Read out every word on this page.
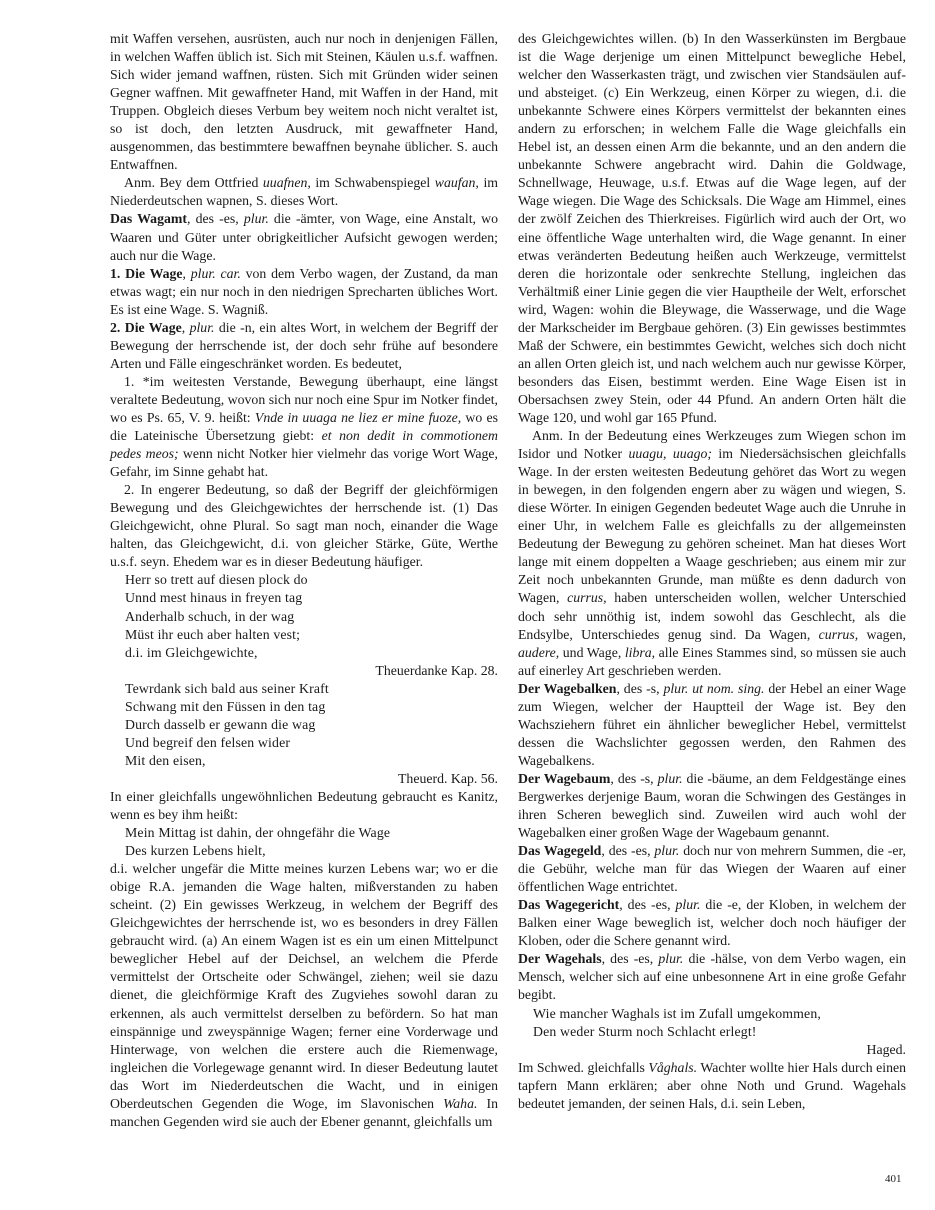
mit Waffen versehen, ausrüsten, auch nur noch in denjenigen Fällen, in welchen Waffen üblich ist. Sich mit Steinen, Käulen u.s.f. waffnen. Sich wider jemand waffnen, rüsten. Sich mit Gründen wider seinen Gegner waffnen. Mit gewaffneter Hand, mit Waffen in der Hand, mit Truppen. Obgleich dieses Verbum bey weitem noch nicht veraltet ist, so ist doch, den letzten Ausdruck, mit gewaffneter Hand, ausgenommen, das bestimmtere bewaffnen beynahe üblicher. S. auch Entwaffnen.

Anm. Bey dem Ottfried uuafnen, im Schwabenspiegel waufan, im Niederdeutschen wapnen, S. dieses Wort.

Das Wagamt, des -es, plur. die -ämter, von Wage, eine Anstalt, wo Waaren und Güter unter obrigkeitlicher Aufsicht gewogen werden; auch nur die Wage.

1. Die Wage, plur. car. von dem Verbo wagen, der Zustand, da man etwas wagt; ein nur noch in den niedrigen Sprecharten übliches Wort. Es ist eine Wage. S. Wagniß.

2. Die Wage, plur. die -n, ein altes Wort, in welchem der Begriff der Bewegung der herrschende ist, der doch sehr frühe auf besondere Arten und Fälle eingeschränket worden. Es bedeutet,

1. *im weitesten Verstande, Bewegung überhaupt, eine längst veraltete Bedeutung, wovon sich nur noch eine Spur im Notker findet, wo es Ps. 65, V. 9. heißt: Vnde in uuaga ne liez er mine fuoze, wo es die Lateinische Übersetzung giebt: et non dedit in commotionem pedes meos; wenn nicht Notker hier vielmehr das vorige Wort Wage, Gefahr, im Sinne gehabt hat.

2. In engerer Bedeutung, so daß der Begriff der gleichförmigen Bewegung und des Gleichgewichtes der herrschende ist. (1) Das Gleichgewicht, ohne Plural. So sagt man noch, einander die Wage halten, das Gleichgewicht, d.i. von gleicher Stärke, Güte, Werthe u.s.f. seyn. Ehedem war es in dieser Bedeutung häufiger.

Herr so trett auf diesen plock do

Unnd mest hinaus in freyen tag

Anderhalb schuch, in der wag

Müst ihr euch aber halten vest;

d.i. im Gleichgewichte,

Theuerdanke Kap. 28.

Tewrdank sich bald aus seiner Kraft

Schwang mit den Füssen in den tag

Durch dasselb er gewann die wag

Und begreif den felsen wider

Mit den eisen,

Theuerd. Kap. 56.

In einer gleichfalls ungewöhnlichen Bedeutung gebraucht es Kanitz, wenn es bey ihm heißt:

Mein Mittag ist dahin, der ohngefähr die Wage

Des kurzen Lebens hielt,

d.i. welcher ungefär die Mitte meines kurzen Lebens war; wo er die obige R.A. jemanden die Wage halten, mißverstanden zu haben scheint. (2) Ein gewisses Werkzeug, in welchem der Begriff des Gleichgewichtes der herrschende ist, wo es besonders in drey Fällen gebraucht wird. (a) An einem Wagen ist es ein um einen Mittelpunct beweglicher Hebel auf der Deichsel, an welchem die Pferde vermittelst der Ortscheite oder Schwängel, ziehen; weil sie dazu dienet, die gleichförmige Kraft des Zugviehes sowohl daran zu erkennen, als auch vermittelst derselben zu befördern. So hat man einspännige und zweyspännige Wagen; ferner eine Vorderwage und Hinterwage, von welchen die erstere auch die Riemenwage, ingleichen die Vorlegewage genannt wird. In dieser Bedeutung lautet das Wort im Niederdeutschen die Wacht, und in einigen Oberdeutschen Gegenden die Woge, im Slavonischen Waha. In manchen Gegenden wird sie auch der Ebener genannt, gleichfalls um

des Gleichgewichtes willen. (b) In den Wasserkünsten im Bergbaue ist die Wage derjenige um einen Mittelpunct bewegliche Hebel, welcher den Wasserkasten trägt, und zwischen vier Standsäulen auf- und absteiget. (c) Ein Werkzeug, einen Körper zu wiegen, d.i. die unbekannte Schwere eines Körpers vermittelst der bekannten eines andern zu erforschen; in welchem Falle die Wage gleichfalls ein Hebel ist, an dessen einen Arm die bekannte, und an den andern die unbekannte Schwere angebracht wird. Dahin die Goldwage, Schnellwage, Heuwage, u.s.f. Etwas auf die Wage legen, auf der Wage wiegen. Die Wage des Schicksals. Die Wage am Himmel, eines der zwölf Zeichen des Thierkreises. Figürlich wird auch der Ort, wo eine öffentliche Wage unterhalten wird, die Wage genannt. In einer etwas veränderten Bedeutung heißen auch Werkzeuge, vermittelst deren die horizontale oder senkrechte Stellung, ingleichen das Verhältmiß einer Linie gegen die vier Hauptheile der Welt, erforschet wird, Wagen: wohin die Bleywage, die Wasserwage, und die Wage der Markscheider im Bergbaue gehören. (3) Ein gewisses bestimmtes Maß der Schwere, ein bestimmtes Gewicht, welches sich doch nicht an allen Orten gleich ist, und nach welchem auch nur gewisse Körper, besonders das Eisen, bestimmt werden. Eine Wage Eisen ist in Obersachsen zwey Stein, oder 44 Pfund. An andern Orten hält die Wage 120, und wohl gar 165 Pfund.

Anm. In der Bedeutung eines Werkzeuges zum Wiegen schon im Isidor und Notker uuagu, uuago; im Niedersächsischen gleichfalls Wage. In der ersten weitesten Bedeutung gehöret das Wort zu wegen in bewegen, in den folgenden engern aber zu wägen und wiegen, S. diese Wörter. In einigen Gegenden bedeutet Wage auch die Unruhe in einer Uhr, in welchem Falle es gleichfalls zu der allgemeinsten Bedeutung der Bewegung zu gehören scheinet. Man hat dieses Wort lange mit einem doppelten a Waage geschrieben; aus einem mir zur Zeit noch unbekannten Grunde, man müßte es denn dadurch von Wagen, currus, haben unterscheiden wollen, welcher Unterschied doch sehr unnöthig ist, indem sowohl das Geschlecht, als die Endsylbe, Unterschiedes genug sind. Da Wagen, currus, wagen, audere, und Wage, libra, alle Eines Stammes sind, so müssen sie auch auf einerley Art geschrieben werden.

Der Wagebalken, des -s, plur. ut nom. sing. der Hebel an einer Wage zum Wiegen, welcher der Hauptteil der Wage ist. Bey den Wachsziehern führet ein ähnlicher beweglicher Hebel, vermittelst dessen die Wachslichter gegossen werden, den Rahmen des Wagebalkens.

Der Wagebaum, des -s, plur. die -bäume, an dem Feldgestänge eines Bergwerkes derjenige Baum, woran die Schwingen des Gestänges in ihren Scheren beweglich sind. Zuweilen wird auch wohl der Wagebalken einer großen Wage der Wagebaum genannt.

Das Wagegeld, des -es, plur. doch nur von mehrern Summen, die -er, die Gebühr, welche man für das Wiegen der Waaren auf einer öffentlichen Wage entrichtet.

Das Wagegericht, des -es, plur. die -e, der Kloben, in welchem der Balken einer Wage beweglich ist, welcher doch noch häufiger der Kloben, oder die Schere genannt wird.

Der Wagehals, des -es, plur. die -hälse, von dem Verbo wagen, ein Mensch, welcher sich auf eine unbesonnene Art in eine große Gefahr begibt.

Wie mancher Waghals ist im Zufall umgekommen,

Den weder Sturm noch Schlacht erlegt!

Haged.

Im Schwed. gleichfalls Våghals. Wachter wollte hier Hals durch einen tapfern Mann erklären; aber ohne Noth und Grund. Wagehals bedeutet jemanden, der seinen Hals, d.i. sein Leben,

401
